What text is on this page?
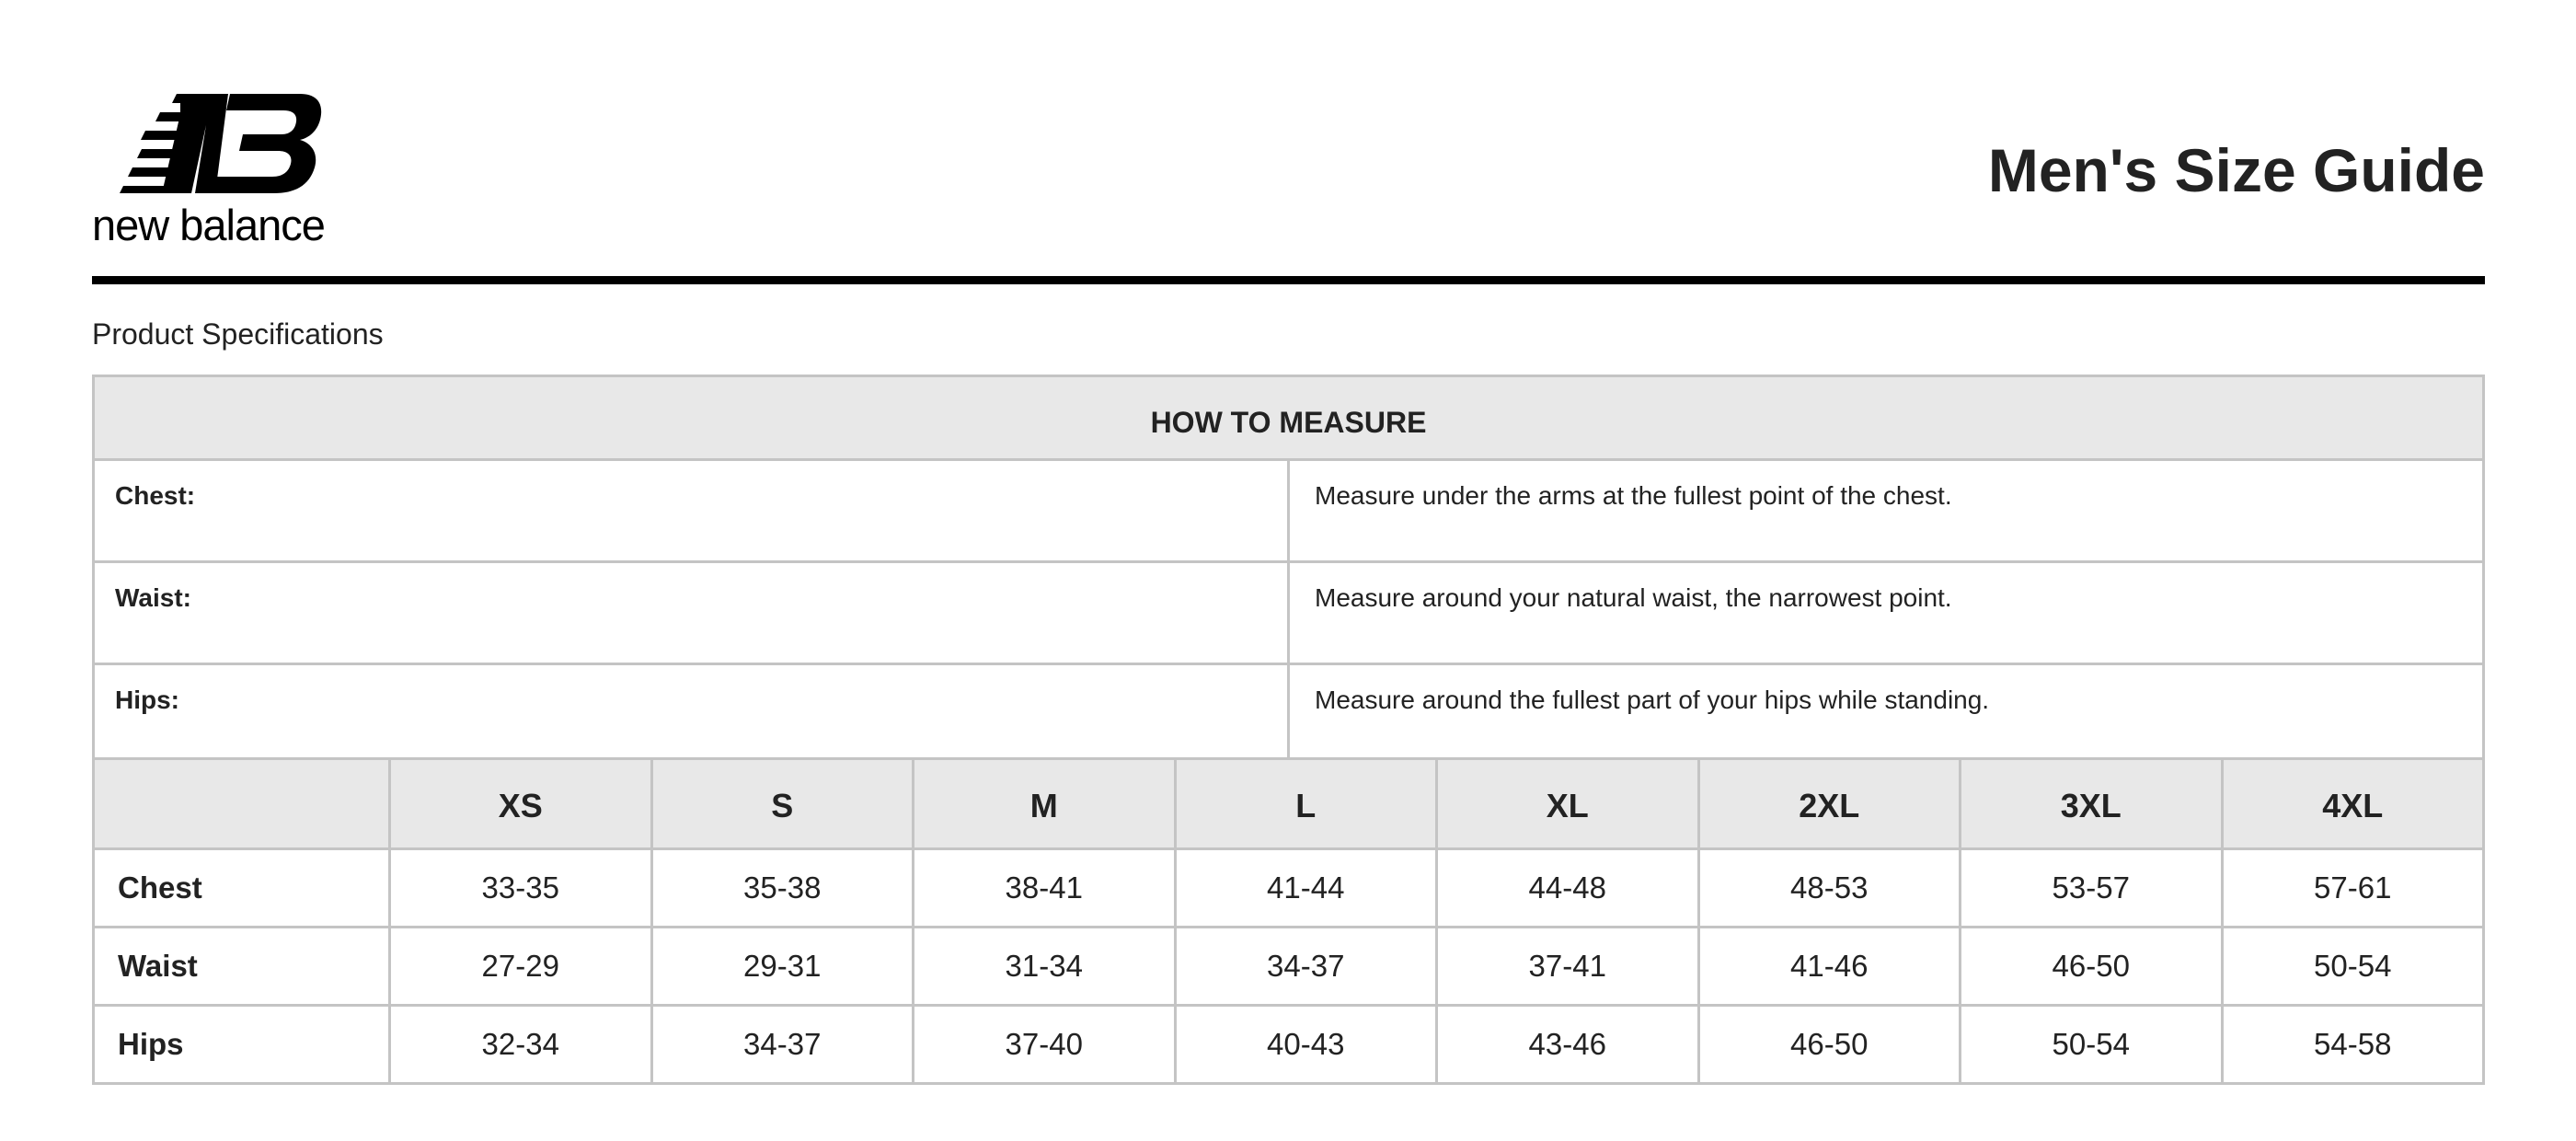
new balance
Men's Size Guide
Product Specifications
HOW TO MEASURE	
Chest:	Measure under the arms at the fullest point of the chest.
Waist:	Measure around your natural waist, the narrowest point.
Hips:	Measure around the fullest part of your hips while standing.
	XS	S	M	L	XL	2XL	3XL	4XL
Chest	33-35	35-38	38-41	41-44	44-48	48-53	53-57	57-61
Waist	27-29	29-31	31-34	34-37	37-41	41-46	46-50	50-54
Hips	32-34	34-37	37-40	40-43	43-46	46-50	50-54	54-58
